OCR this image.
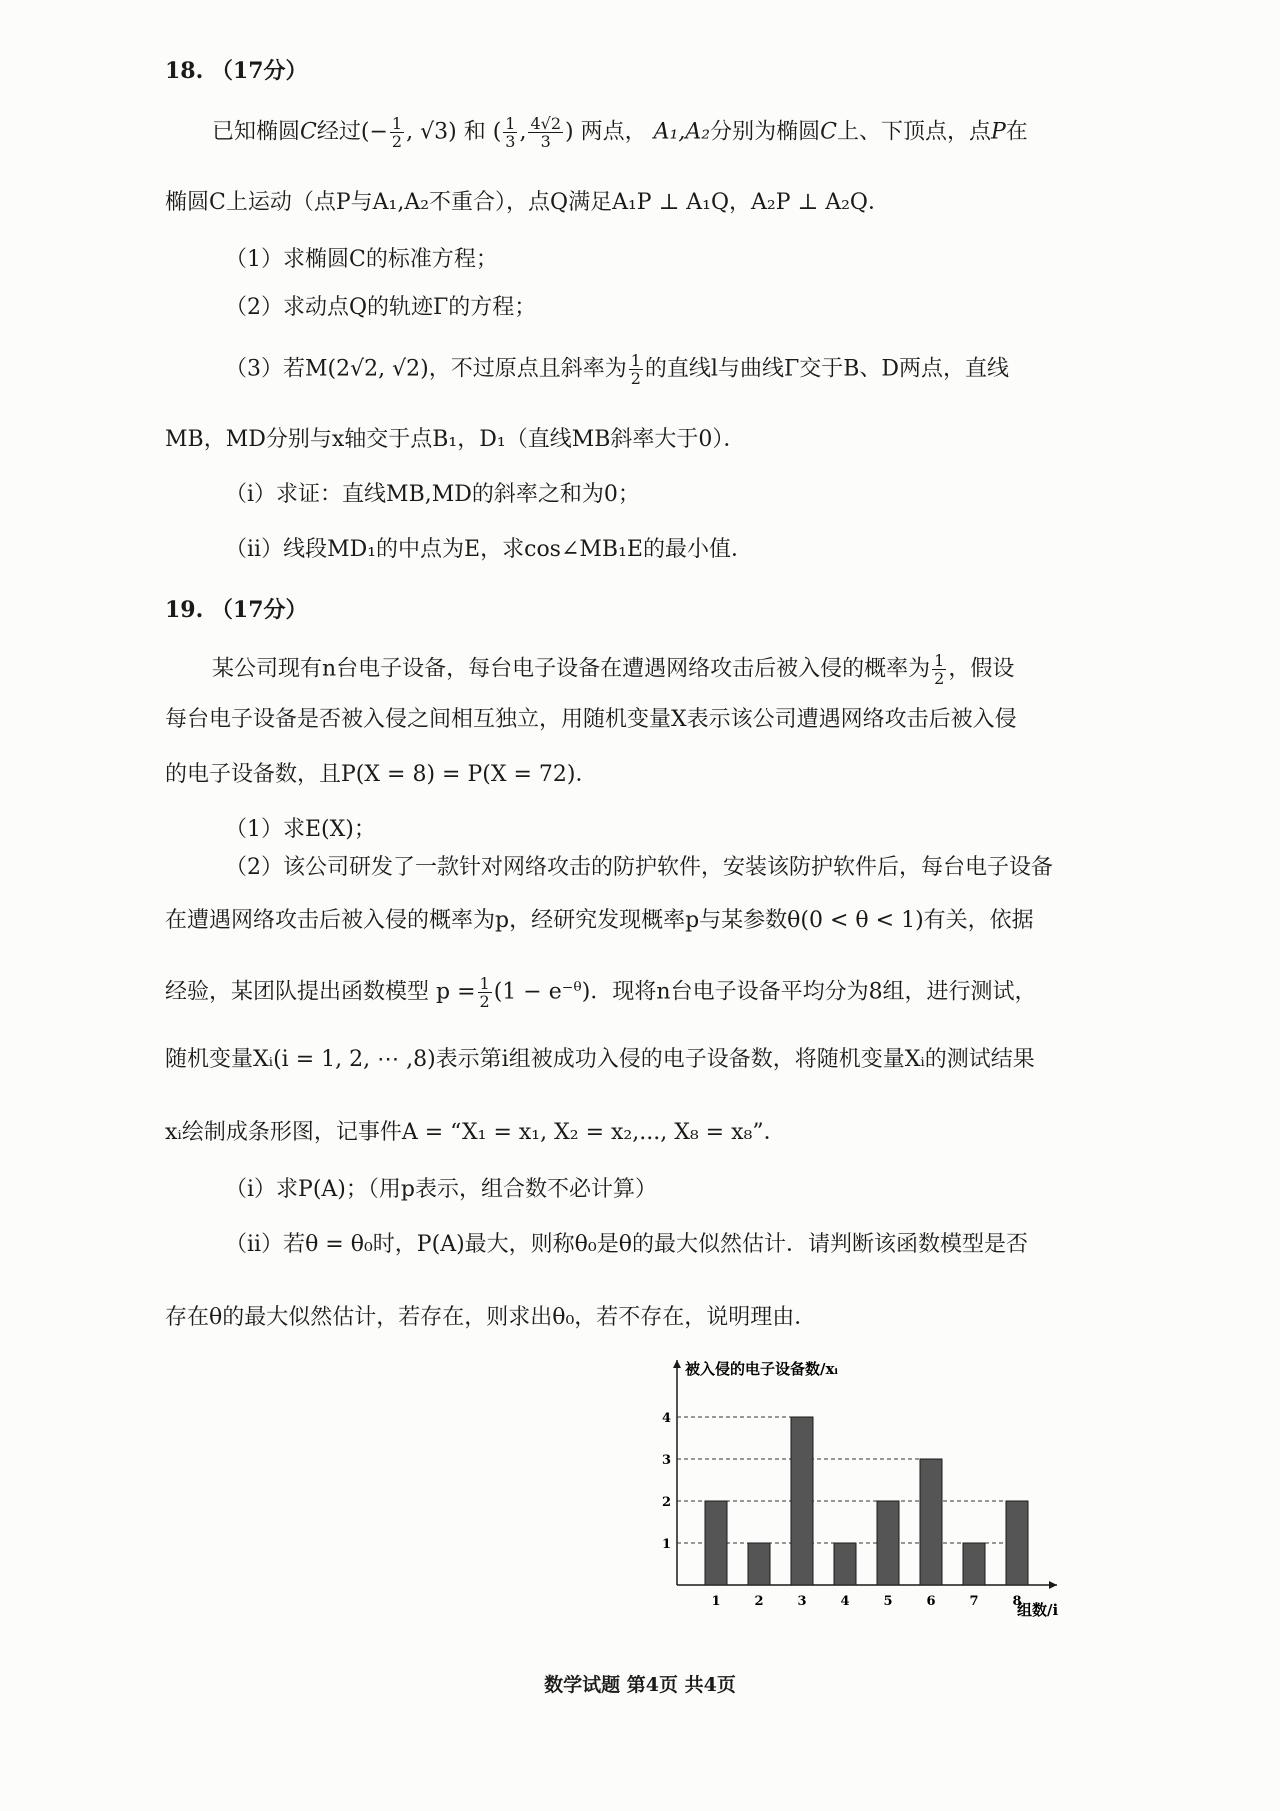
18. （17分）
已知椭圆C经过(− $\frac{1}{2}$ , √3) 和 ( $\frac{1}{3}$ , $\frac{4√2}{3}$ ) 两点， A₁,A₂分别为椭圆C上、下顶点，点P在
椭圆C上运动（点P与A₁,A₂不重合），点Q满足A₁P ⊥ A₁Q，A₂P ⊥ A₂Q．
（1）求椭圆C的标准方程；
（2）求动点Q的轨迹Γ的方程；
（3）若M(2√2, √2)，不过原点且斜率为 $\frac{1}{2}$ 的直线l与曲线Γ交于B、D两点，直线
MB，MD分别与x轴交于点B₁，D₁（直线MB斜率大于0）．
（ⅰ）求证：直线MB,MD的斜率之和为0；
（ⅱ）线段MD₁的中点为E，求cos∠MB₁E的最小值．
19. （17分）
某公司现有n台电子设备，每台电子设备在遭遇网络攻击后被入侵的概率为 $\frac{1}{2}$ ，假设
每台电子设备是否被入侵之间相互独立，用随机变量X表示该公司遭遇网络攻击后被入侵
的电子设备数，且P(X = 8) = P(X = 72)．
（1）求E(X)；
（2）该公司研发了一款针对网络攻击的防护软件，安装该防护软件后，每台电子设备
在遭遇网络攻击后被入侵的概率为p，经研究发现概率p与某参数θ(0 < θ < 1)有关，依据
经验，某团队提出函数模型 $p = \frac{1}{2} (1$ − e⁻ᶿ)．现将n台电子设备平均分为8组，进行测试，
随机变量Xᵢ(i = 1, 2, ⋯ ,8)表示第i组被成功入侵的电子设备数，将随机变量Xᵢ的测试结果
xᵢ绘制成条形图，记事件A = “X₁ = x₁, X₂ = x₂,..., X₈ = x₈”．
（ⅰ）求P(A)；（用p表示，组合数不必计算）
（ⅱ）若θ = θ₀时，P(A)最大，则称θ₀是θ的最大似然估计．请判断该函数模型是否
存在θ的最大似然估计，若存在，则求出θ₀，若不存在，说明理由．
被入侵的电子设备数/xᵢ
组数/i
1
2
3
4
1	2	3	4	5	6	7	8
数学试题 第4页 共4页
